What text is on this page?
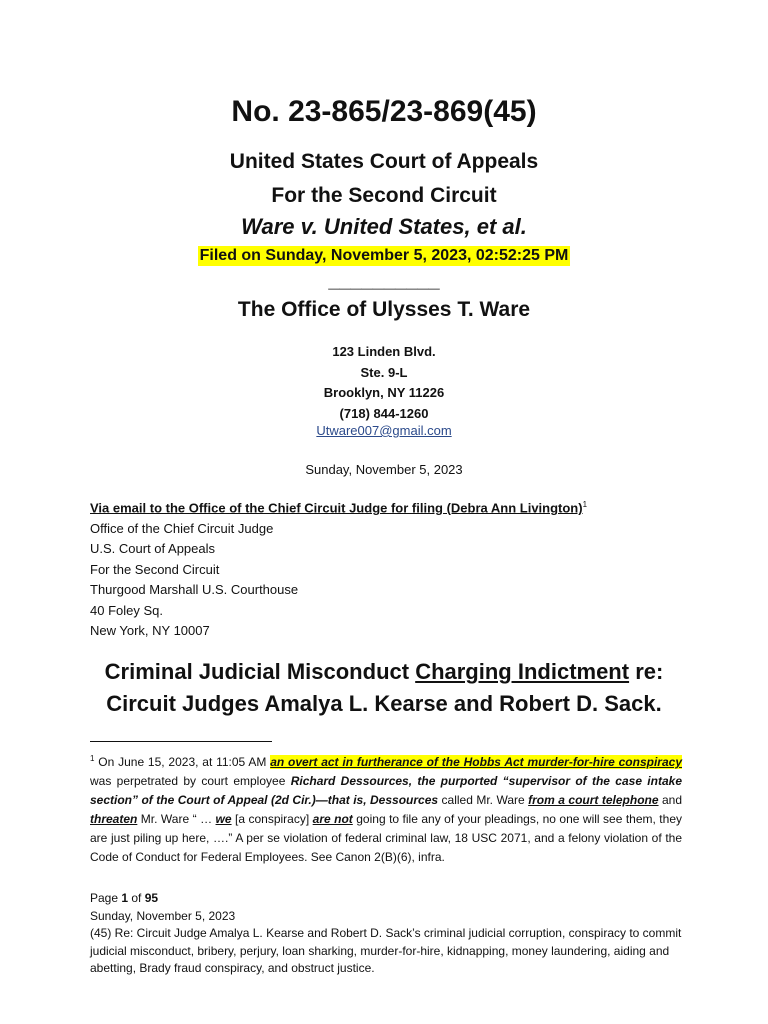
No. 23-865/23-869(45)
United States Court of Appeals
For the Second Circuit
Ware v. United States, et al.
Filed on Sunday, November 5, 2023, 02:52:25 PM
__________
The Office of Ulysses T. Ware
123 Linden Blvd.
Ste. 9-L
Brooklyn, NY 11226
(718) 844-1260
Utware007@gmail.com
Sunday, November 5, 2023
Via email to the Office of the Chief Circuit Judge for filing (Debra Ann Livington)$^1$
Office of the Chief Circuit Judge
U.S. Court of Appeals
For the Second Circuit
Thurgood Marshall U.S. Courthouse
40 Foley Sq.
New York, NY 10007
Criminal Judicial Misconduct Charging Indictment re:
Circuit Judges Amalya L. Kearse and Robert D. Sack.
$^1$ On June 15, 2023, at 11:05 AM an overt act in furtherance of the Hobbs Act murder-for-hire conspiracy was perpetrated by court employee Richard Dessources, the purported “supervisor of the case intake section” of the Court of Appeal (2d Cir.)—that is, Dessources called Mr. Ware from a court telephone and threaten Mr. Ware “ … we [a conspiracy] are not going to file any of your pleadings, no one will see them, they are just piling up here, ….” A per se violation of federal criminal law, 18 USC 2071, and a felony violation of the Code of Conduct for Federal Employees. See Canon 2(B)(6), infra.
Page 1 of 95
Sunday, November 5, 2023
(45) Re: Circuit Judge Amalya L. Kearse and Robert D. Sack’s criminal judicial corruption, conspiracy to commit judicial misconduct, bribery, perjury, loan sharking, murder-for-hire, kidnapping, money laundering, aiding and abetting, Brady fraud conspiracy, and obstruct justice.
